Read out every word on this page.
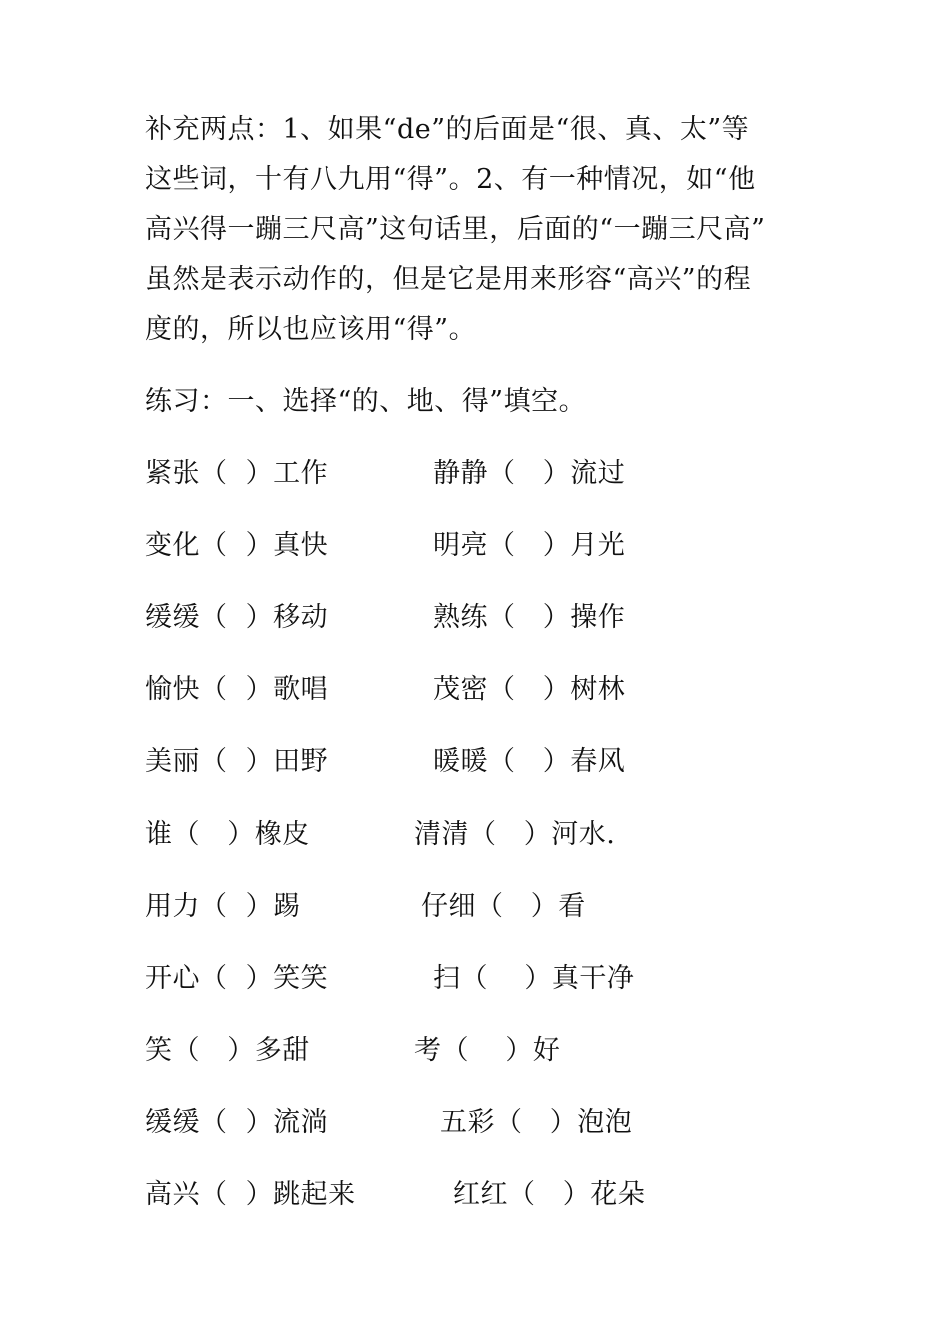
补充两点：1、如果“de”的后面是“很、真、太”等
这些词，十有八九用“得”。2、有一种情况，如“他
高兴得一蹦三尺高”这句话里，后面的“一蹦三尺高”
虽然是表示动作的，但是它是用来形容“高兴”的程
度的，所以也应该用“得”。
练习：一、选择“的、地、得”填空。
紧张（  ）工作	静静（   ）流过
变化（  ）真快	明亮（   ）月光
缓缓（  ）移动	熟练（   ）操作
愉快（  ）歌唱	茂密（   ）树林
美丽（  ）田野	暖暖（   ）春风
谁（   ）橡皮	清清（   ）河水.
用力（  ）踢	仔细（   ）看
开心（  ）笑笑	扫（    ）真干净
笑（   ）多甜	考（    ）好
缓缓（  ）流淌	五彩（   ）泡泡
高兴（  ）跳起来	红红（   ）花朵
